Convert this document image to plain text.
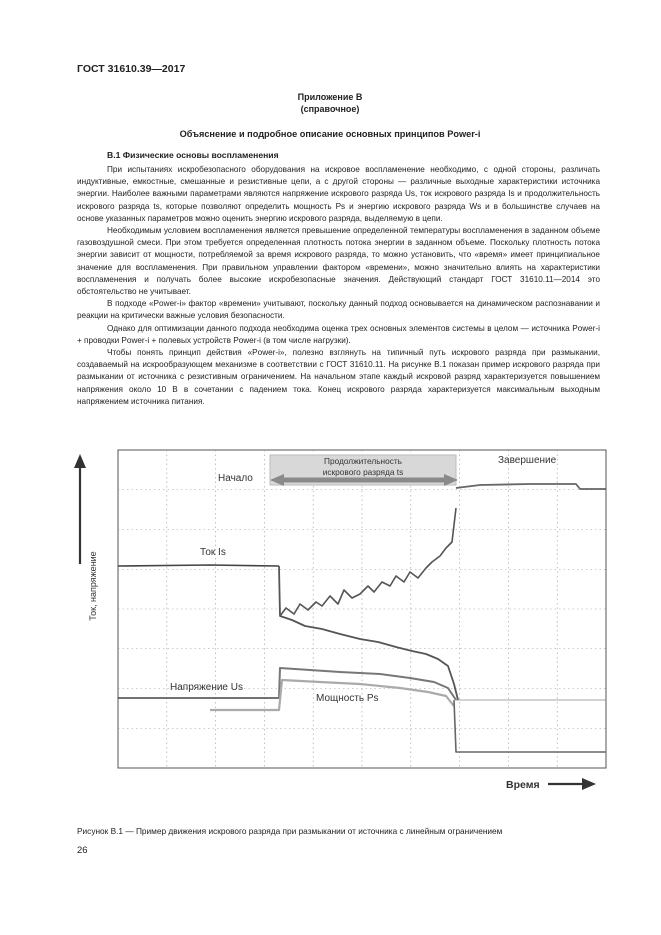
ГОСТ 31610.39—2017
Приложение В
(справочное)
Объяснение и подробное описание основных принципов Power-i
В.1 Физические основы воспламенения

При испытаниях искробезопасного оборудования на искровое воспламенение необходимо, с одной стороны, различать индуктивные, емкостные, смешанные и резистивные цепи, а с другой стороны — различные выходные характеристики источника энергии. Наиболее важными параметрами являются напряжение искрового разряда Us, ток искрового разряда Is и продолжительность искрового разряда ts, которые позволяют определить мощность Ps и энергию искрового разряда Ws и в большинстве случаев на основе указанных параметров можно оценить энергию искрового разряда, выделяемую в цепи.

Необходимым условием воспламенения является превышение определенной температуры воспламенения в заданном объеме газовоздушной смеси. При этом требуется определенная плотность потока энергии в заданном объеме. Поскольку плотность потока энергии зависит от мощности, потребляемой за время искрового разряда, то можно установить, что «время» имеет принципиальное значение для воспламенения. При правильном управлении фактором «времени», можно значительно влиять на характеристики воспламенения и получать более высокие искробезопасные значения. Действующий стандарт ГОСТ 31610.11—2014 это обстоятельство не учитывает.

В подходе «Power-i» фактор «времени» учитывают, поскольку данный подход основывается на динамическом распознавании и реакции на критически важные условия безопасности.

Однако для оптимизации данного подхода необходима оценка трех основных элементов системы в целом — источника Power-i + проводки Power-i + полевых устройств Power-i (в том числе нагрузки).

Чтобы понять принцип действия «Power-i», полезно взглянуть на типичный путь искрового разряда при размыкании, создаваемый на искрообразующем механизме в соответствии с ГОСТ 31610.11. На рисунке В.1 показан пример искрового разряда при размыкании от источника с резистивным ограничением. На начальном этапе каждый искровой разряд характеризуется повышением напряжения около 10 В в сочетании с падением тока. Конец искрового разряда характеризуется максимальным выходным напряжением источника питания.

Продолжительность
искрового разряда ts
Начало
Завершение
Ток Is
Напряжение Us
Мощность Ps
Ток, напряжение
Время
Рисунок В.1 — Пример движения искрового разряда при размыкании от источника с линейным ограничением
26
